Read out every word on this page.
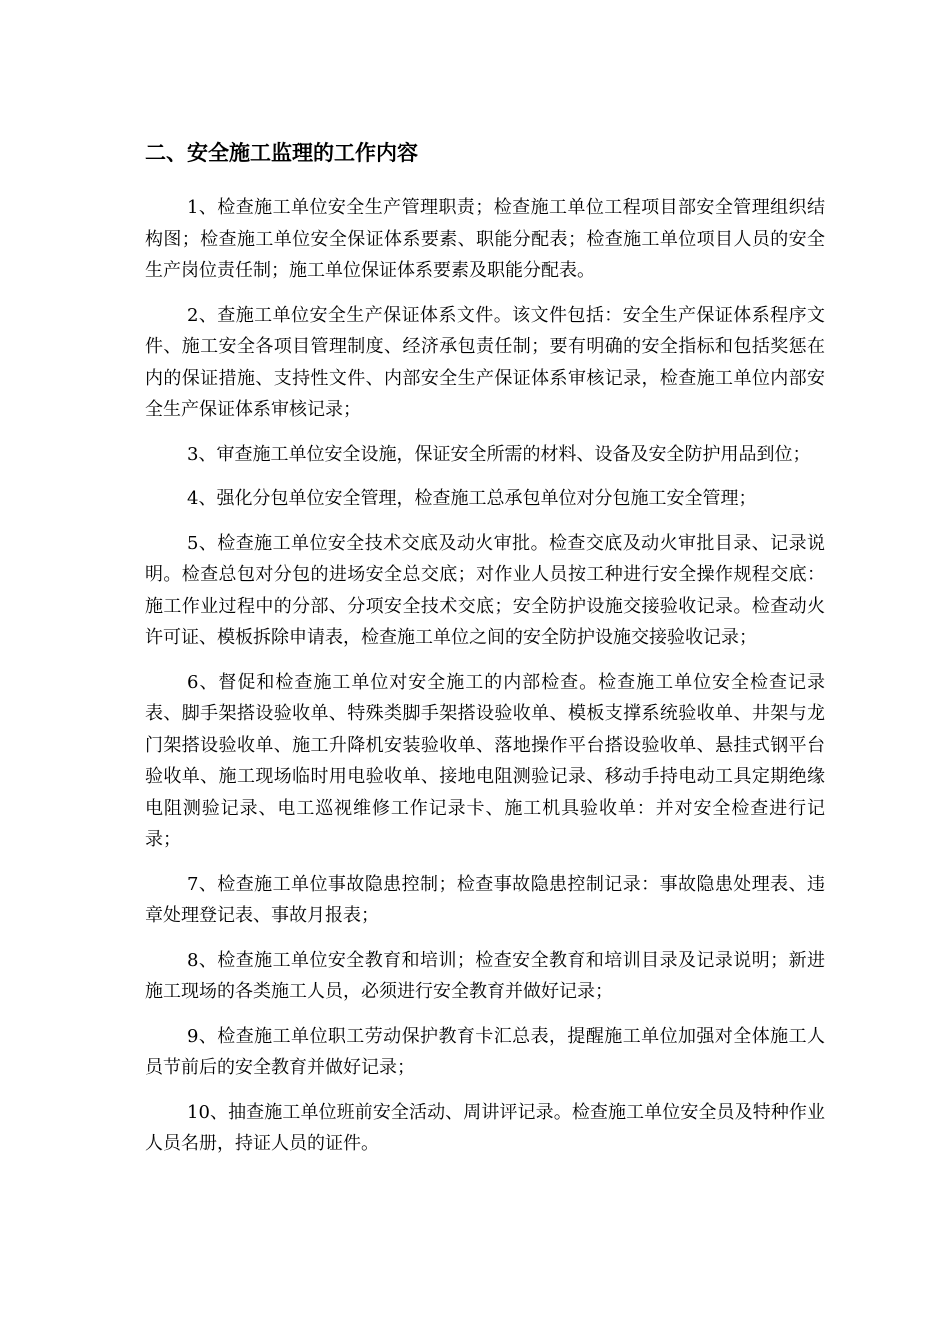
二、安全施工监理的工作内容

1、检查施工单位安全生产管理职责；检查施工单位工程项目部安全管理组织结构图；检查施工单位安全保证体系要素、职能分配表；检查施工单位项目人员的安全生产岗位责任制；施工单位保证体系要素及职能分配表。

2、查施工单位安全生产保证体系文件。该文件包括：安全生产保证体系程序文件、施工安全各项目管理制度、经济承包责任制；要有明确的安全指标和包括奖惩在内的保证措施、支持性文件、内部安全生产保证体系审核记录，检查施工单位内部安全生产保证体系审核记录；

3、审查施工单位安全设施，保证安全所需的材料、设备及安全防护用品到位；

4、强化分包单位安全管理，检查施工总承包单位对分包施工安全管理；

5、检查施工单位安全技术交底及动火审批。检查交底及动火审批目录、记录说明。检查总包对分包的进场安全总交底；对作业人员按工种进行安全操作规程交底：施工作业过程中的分部、分项安全技术交底；安全防护设施交接验收记录。检查动火许可证、模板拆除申请表，检查施工单位之间的安全防护设施交接验收记录；

6、督促和检查施工单位对安全施工的内部检查。检查施工单位安全检查记录表、脚手架搭设验收单、特殊类脚手架搭设验收单、模板支撑系统验收单、井架与龙门架搭设验收单、施工升降机安装验收单、落地操作平台搭设验收单、悬挂式钢平台验收单、施工现场临时用电验收单、接地电阻测验记录、移动手持电动工具定期绝缘电阻测验记录、电工巡视维修工作记录卡、施工机具验收单：并对安全检查进行记录；

7、检查施工单位事故隐患控制；检查事故隐患控制记录：事故隐患处理表、违章处理登记表、事故月报表；

8、检查施工单位安全教育和培训；检查安全教育和培训目录及记录说明；新进施工现场的各类施工人员，必须进行安全教育并做好记录；

9、检查施工单位职工劳动保护教育卡汇总表，提醒施工单位加强对全体施工人员节前后的安全教育并做好记录；

10、抽查施工单位班前安全活动、周讲评记录。检查施工单位安全员及特种作业人员名册，持证人员的证件。
